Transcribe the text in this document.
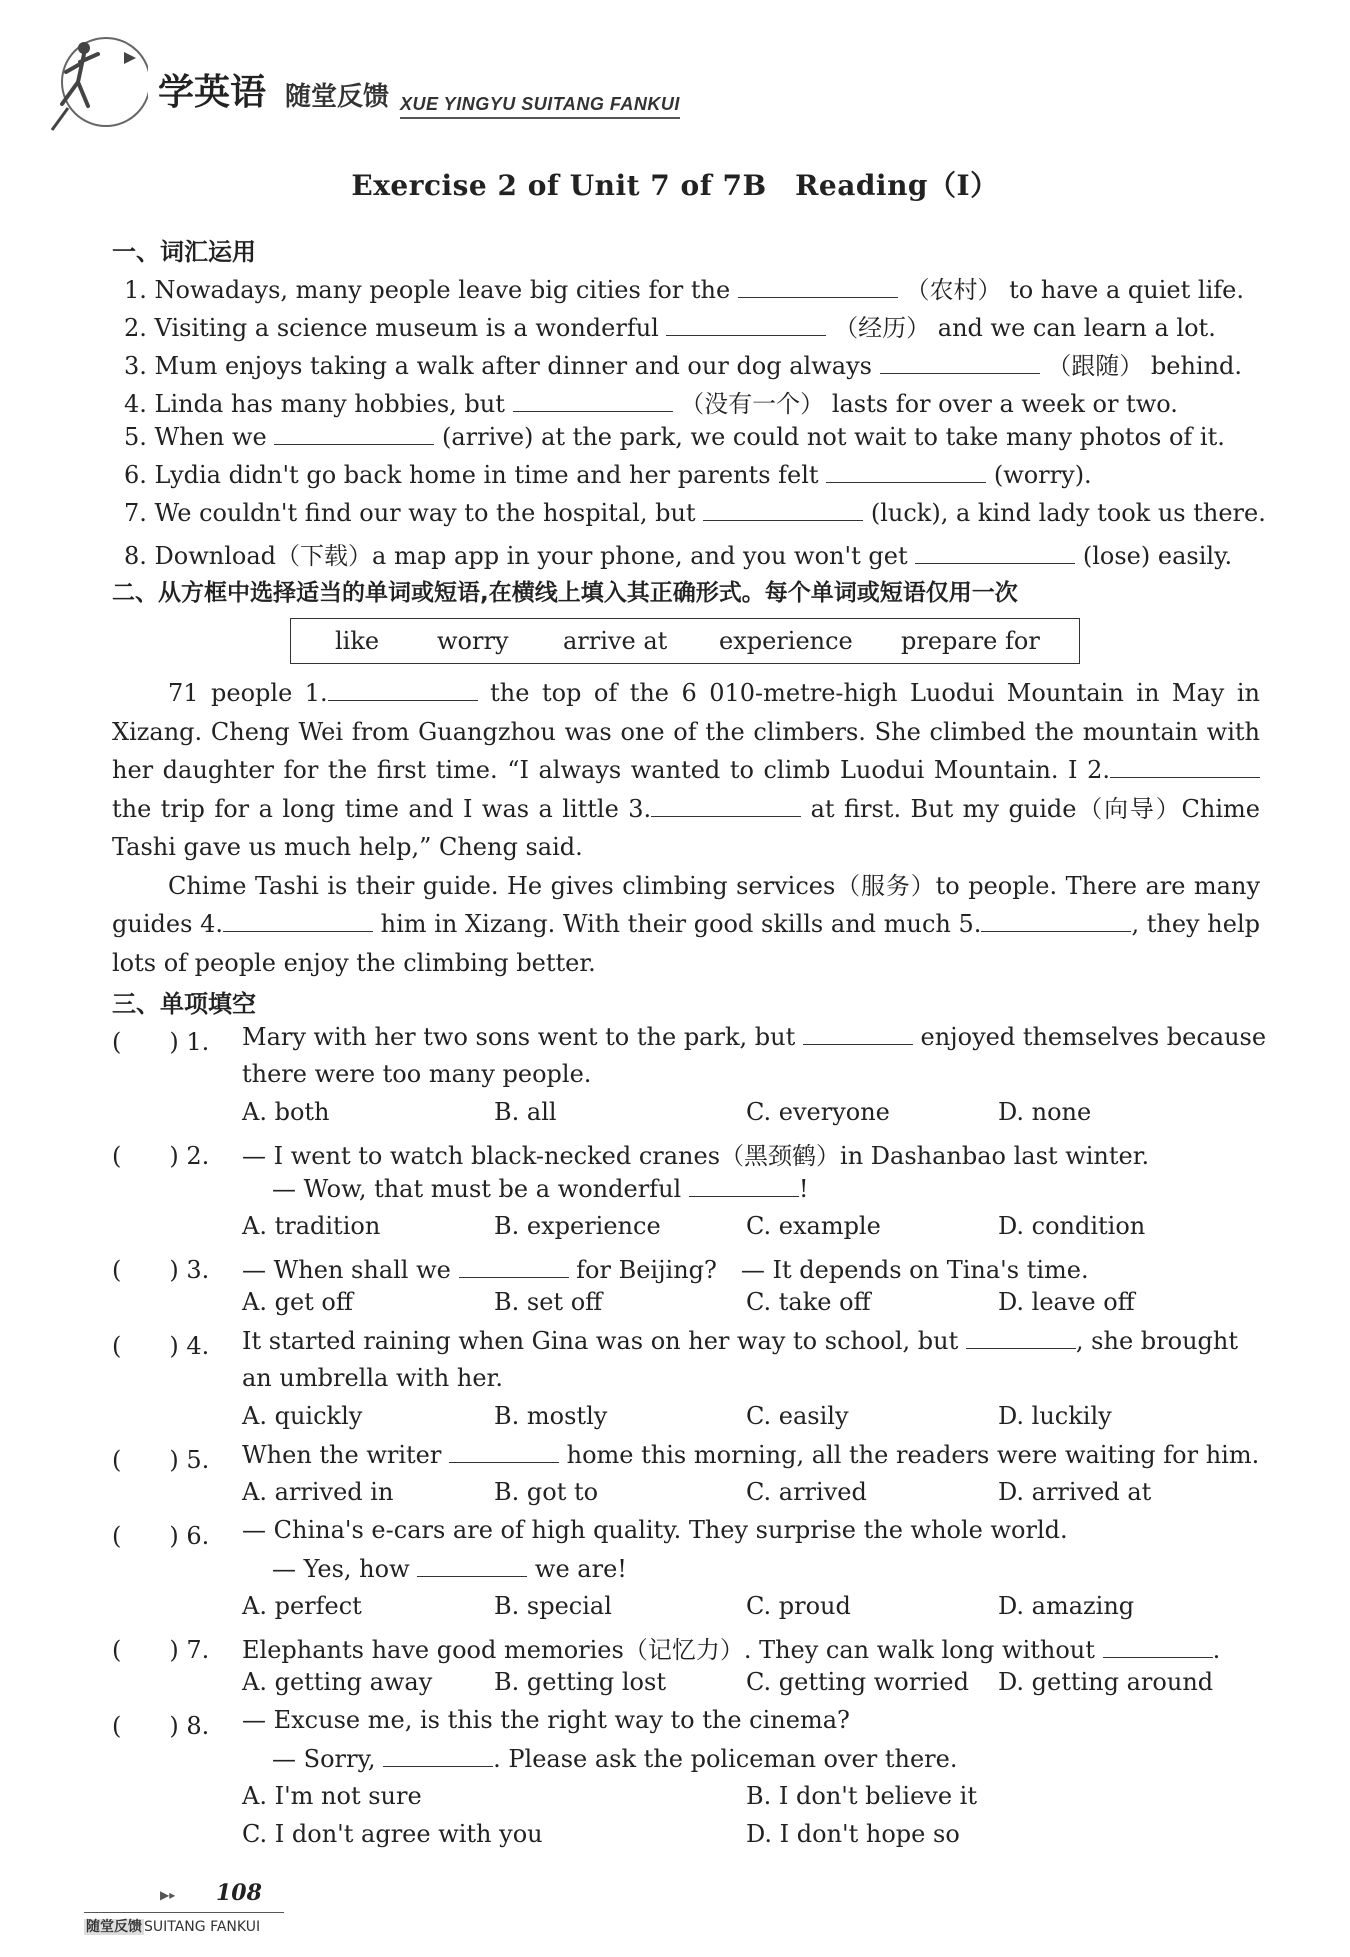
学英语 随堂反馈 XUE YINGYU SUITANG FANKUI
Exercise 2 of Unit 7 of 7B　Reading（Ⅰ）
一、词汇运用
1. Nowadays, many people leave big cities for the	（农村） to have a quiet life.
2. Visiting a science museum is a wonderful	（经历） and we can learn a lot.
3. Mum enjoys taking a walk after dinner and our dog always	（跟随） behind.
4. Linda has many hobbies, but	（没有一个） lasts for over a week or two.
5. When we	(arrive) at the park, we could not wait to take many photos of it.
6. Lydia didn't go back home in time and her parents felt	(worry).
7. We couldn't find our way to the hospital, but	(luck), a kind lady took us there.
8. Download（下载）a map app in your phone, and you won't get	(lose) easily.
二、从方框中选择适当的单词或短语,在横线上填入其正确形式。每个单词或短语仅用一次
like worry arrive at experience prepare for

71 people 1.	the top of the 6 010-metre-high Luodui Mountain in May in Xizang. Cheng Wei from Guangzhou was one of the climbers. She climbed the mountain with her daughter for the first time. “I always wanted to climb Luodui Mountain. I 2. the trip for a long time and I was a little 3.	at first. But my guide（向导）Chime Tashi gave us much help,” Cheng said.

Chime Tashi is their guide. He gives climbing services（服务）to people. There are many guides 4.	him in Xizang. With their good skills and much 5.	, they help lots of people enjoy the climbing better.

三、单项填空
(　　) 1. Mary with her two sons went to the park, but	enjoyed themselves because
there were too many people.
A. both	B. all	C. everyone	D. none
(　　) 2. — I went to watch black-necked cranes（黑颈鹤）in Dashanbao last winter.
— Wow, that must be a wonderful	!
A. tradition	B. experience	C. example	D. condition
(　　) 3. — When shall we	for Beijing?　— It depends on Tina's time.
A. get off	B. set off	C. take off	D. leave off
(　　) 4. It started raining when Gina was on her way to school, but	, she brought
an umbrella with her.
A. quickly	B. mostly	C. easily	D. luckily
(　　) 5. When the writer	home this morning, all the readers were waiting for him.
A. arrived in	B. got to	C. arrived	D. arrived at
(　　) 6. — China's e-cars are of high quality. They surprise the whole world.
— Yes, how	we are!
A. perfect	B. special	C. proud	D. amazing
(　　) 7. Elephants have good memories（记忆力）. They can walk long without	.
A. getting away	B. getting lost	C. getting worried D. getting around
(　　) 8. — Excuse me, is this the right way to the cinema?
— Sorry,	. Please ask the policeman over there.
A. I'm not sure	B. I don't believe it
C. I don't agree with you	D. I don't hope so
▶▸ 108
随堂反馈 SUITANG FANKUI
